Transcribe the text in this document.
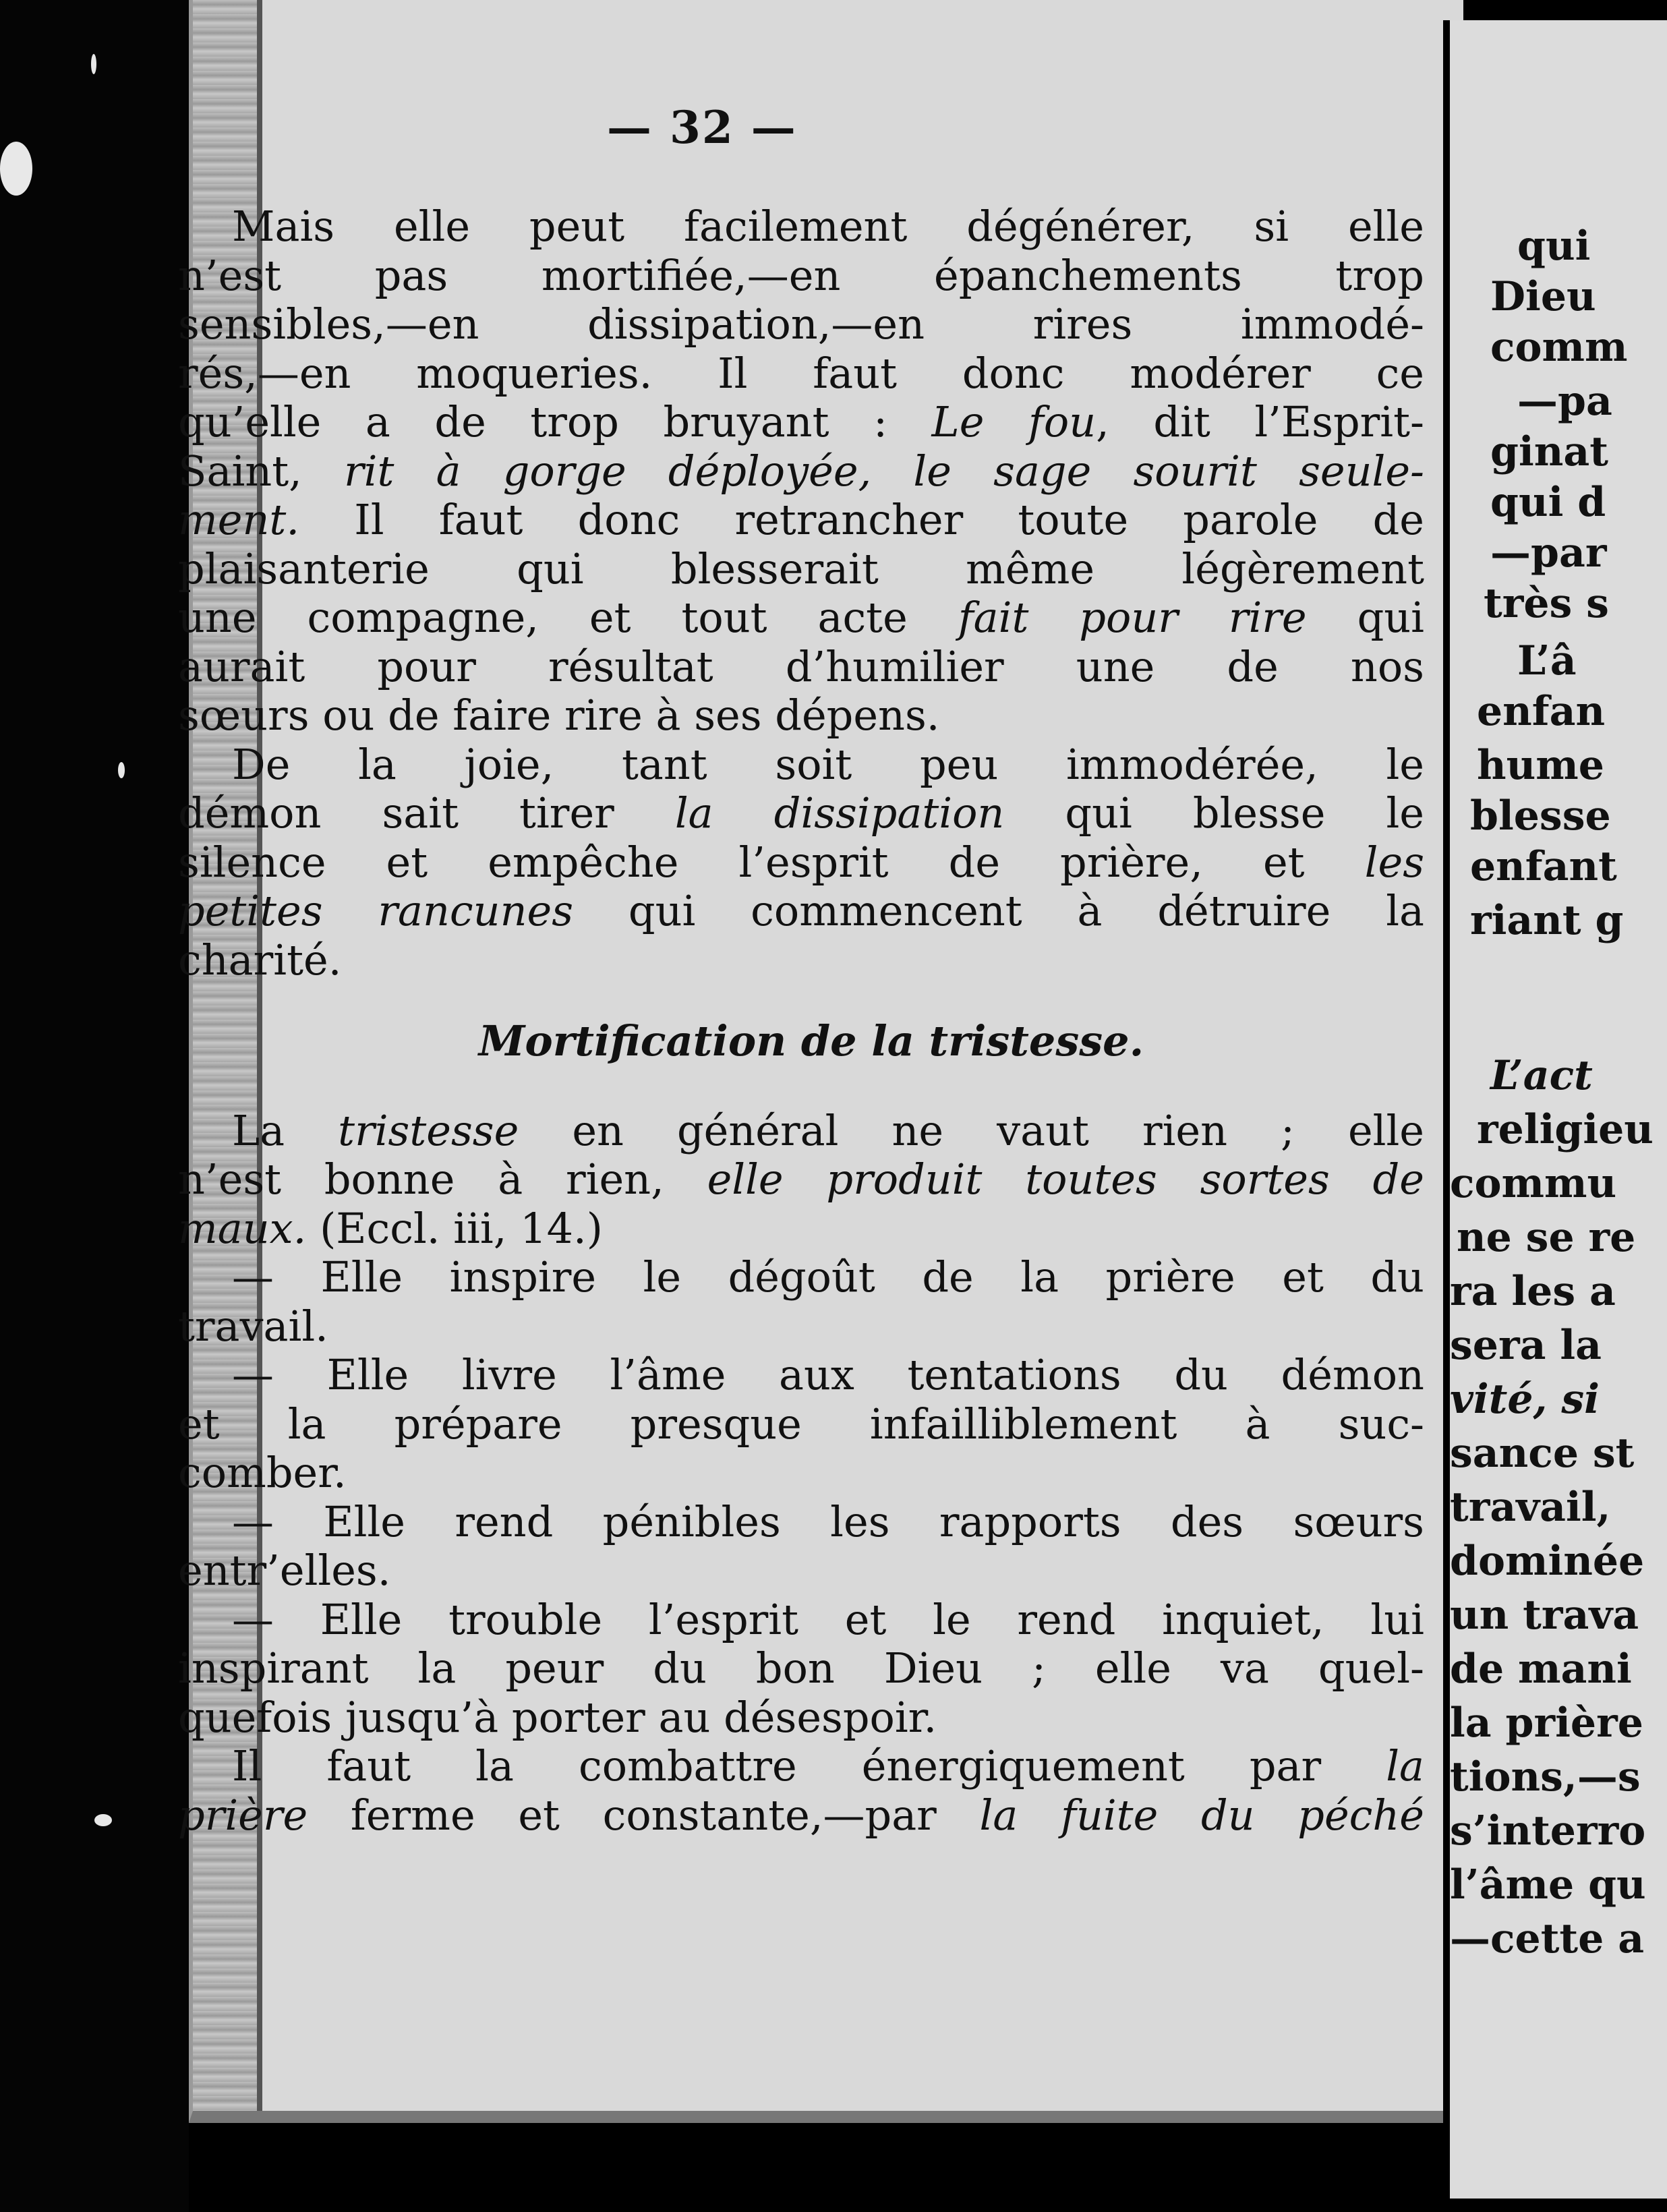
— 32 —
Mais elle peut facilement dégénérer, si elle
n’est pas mortifiée,—en épanchements trop
sensibles,—en dissipation,—en rires immodé-
rés,—en moqueries. Il faut donc modérer ce
qu’elle a de trop bruyant : Le fou, dit l’Esprit-
Saint, rit à gorge déployée, le sage sourit seule-
ment. Il faut donc retrancher toute parole de
plaisanterie qui blesserait même légèrement
une compagne, et tout acte fait pour rire qui
aurait pour résultat d’humilier une de nos
sœurs ou de faire rire à ses dépens.
De la joie, tant soit peu immodérée, le
démon sait tirer la dissipation qui blesse le
silence et empêche l’esprit de prière, et les
petites rancunes qui commencent à détruire la
charité.
Mortification de la tristesse.
La tristesse en général ne vaut rien ; elle
n’est bonne à rien, elle produit toutes sortes de
maux. (Eccl. iii, 14.)
— Elle inspire le dégoût de la prière et du
travail.
— Elle livre l’âme aux tentations du démon
et la prépare presque infailliblement à suc-
comber.
— Elle rend pénibles les rapports des sœurs
entr’elles.
— Elle trouble l’esprit et le rend inquiet, lui
inspirant la peur du bon Dieu ; elle va quel-
quefois jusqu’à porter au désespoir.
Il faut la combattre énergiquement par la
prière ferme et constante,—par la fuite du péché
qui
Dieu
comm
—pa
ginat
qui d
—par
très s
L’â
enfan
hume
blesse
enfant
riant g
L’act
religieu
commu
ne se re
ra les a
sera la
vité, si
sance st
travail,
dominée
un trava
de mani
la prière
tions,—s
s’interro
l’âme qu
—cette a
